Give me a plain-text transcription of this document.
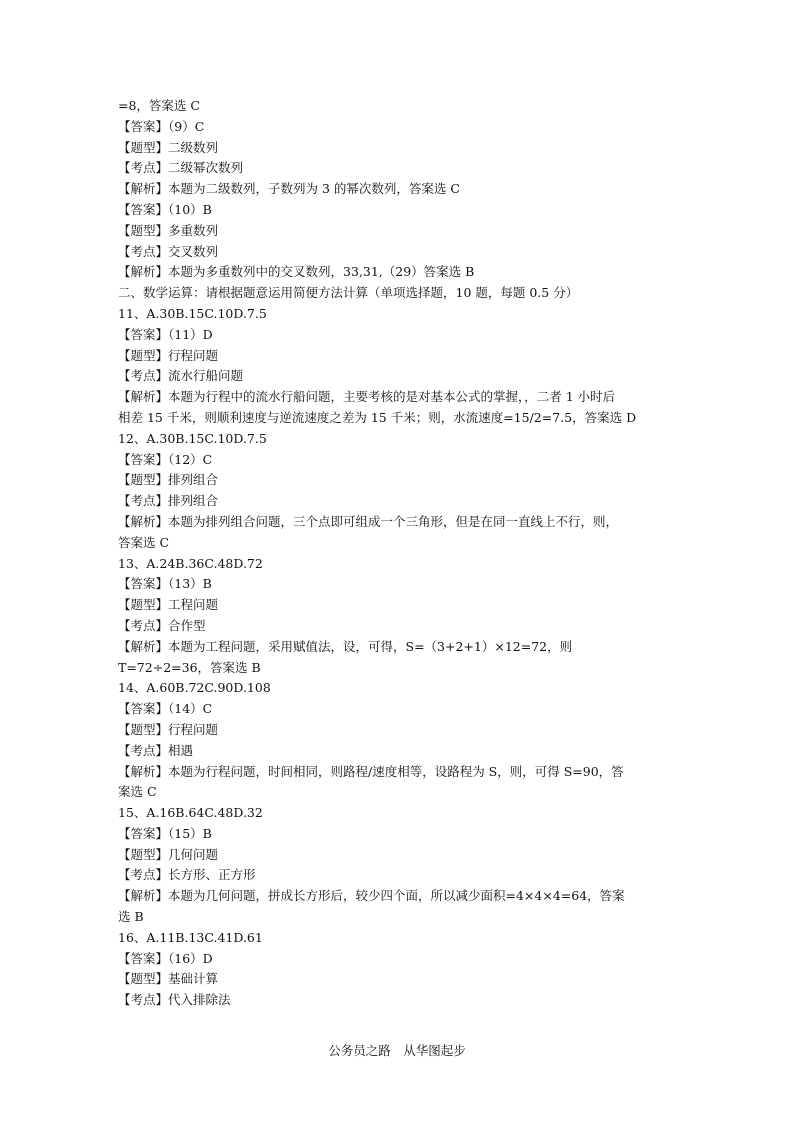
=8，答案选 C
【答案】（9）C
【题型】二级数列
【考点】二级幂次数列
【解析】本题为二级数列，子数列为 3 的幂次数列，答案选 C
【答案】（10）B
【题型】多重数列
【考点】交叉数列
【解析】本题为多重数列中的交叉数列，33,31,（29）答案选 B
二、数学运算：请根据题意运用简便方法计算（单项选择题，10 题，每题 0.5 分）
11、A.30B.15C.10D.7.5
【答案】（11）D
【题型】行程问题
【考点】流水行船问题
【解析】本题为行程中的流水行船问题，主要考核的是对基本公式的掌握，，二者 1 小时后
相差 15 千米，则顺利速度与逆流速度之差为 15 千米；则，水流速度=15/2=7.5，答案选 D
12、A.30B.15C.10D.7.5
【答案】（12）C
【题型】排列组合
【考点】排列组合
【解析】本题为排列组合问题，三个点即可组成一个三角形，但是在同一直线上不行，则，
答案选 C
13、A.24B.36C.48D.72
【答案】（13）B
【题型】工程问题
【考点】合作型
【解析】本题为工程问题，采用赋值法，设，可得，S=（3+2+1）×12=72，则
T=72÷2=36，答案选 B
14、A.60B.72C.90D.108
【答案】（14）C
【题型】行程问题
【考点】相遇
【解析】本题为行程问题，时间相同，则路程/速度相等，设路程为 S，则，可得 S=90，答
案选 C
15、A.16B.64C.48D.32
【答案】（15）B
【题型】几何问题
【考点】长方形、正方形
【解析】本题为几何问题，拼成长方形后，较少四个面，所以减少面积=4×4×4=64，答案
选 B
16、A.11B.13C.41D.61
【答案】（16）D
【题型】基础计算
【考点】代入排除法
公务员之路　从华图起步
